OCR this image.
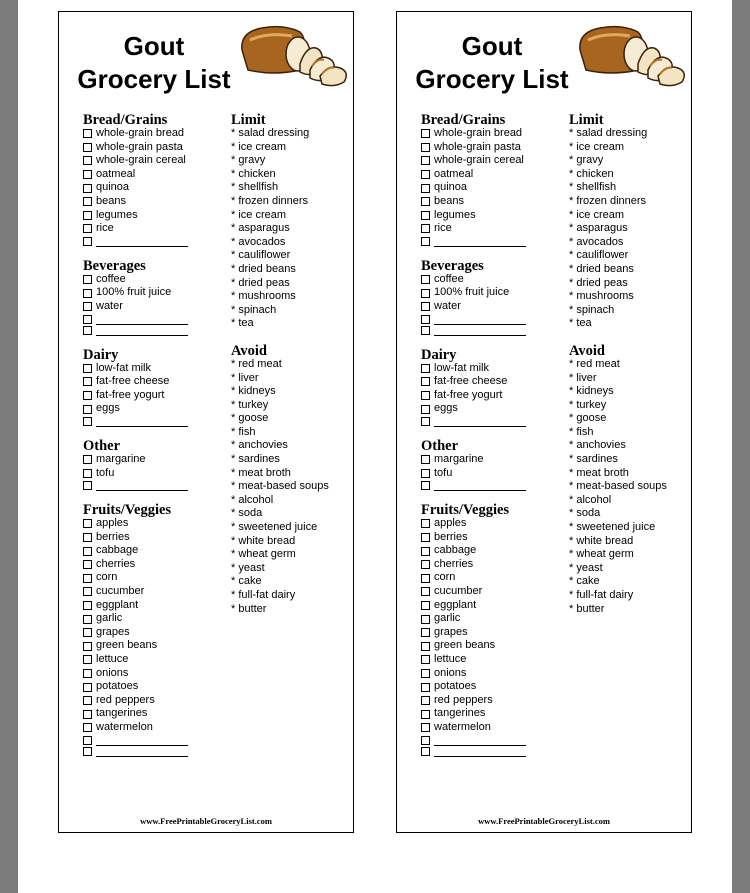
Gout
Grocery List
Bread/Grains
whole-grain bread
whole-grain pasta
whole-grain cereal
oatmeal
quinoa
beans
legumes
rice
Beverages
coffee
100% fruit juice
water
Dairy
low-fat milk
fat-free cheese
fat-free yogurt
eggs
Other
margarine
tofu
Fruits/Veggies
apples
berries
cabbage
cherries
corn
cucumber
eggplant
garlic
grapes
green beans
lettuce
onions
potatoes
red peppers
tangerines
watermelon
Limit
* salad dressing
* ice cream
* gravy
* chicken
* shellfish
* frozen dinners
* ice cream
* asparagus
* avocados
* cauliflower
* dried beans
* dried peas
* mushrooms
* spinach
* tea
Avoid
* red meat
* liver
* kidneys
* turkey
* goose
* fish
* anchovies
* sardines
* meat broth
* meat-based soups
* alcohol
* soda
* sweetened juice
* white bread
* wheat germ
* yeast
* cake
* full-fat dairy
* butter
www.FreePrintableGroceryList.com
Gout
Grocery List
Bread/Grains
whole-grain bread
whole-grain pasta
whole-grain cereal
oatmeal
quinoa
beans
legumes
rice
Beverages
coffee
100% fruit juice
water
Dairy
low-fat milk
fat-free cheese
fat-free yogurt
eggs
Other
margarine
tofu
Fruits/Veggies
apples
berries
cabbage
cherries
corn
cucumber
eggplant
garlic
grapes
green beans
lettuce
onions
potatoes
red peppers
tangerines
watermelon
Limit
* salad dressing
* ice cream
* gravy
* chicken
* shellfish
* frozen dinners
* ice cream
* asparagus
* avocados
* cauliflower
* dried beans
* dried peas
* mushrooms
* spinach
* tea
Avoid
* red meat
* liver
* kidneys
* turkey
* goose
* fish
* anchovies
* sardines
* meat broth
* meat-based soups
* alcohol
* soda
* sweetened juice
* white bread
* wheat germ
* yeast
* cake
* full-fat dairy
* butter
www.FreePrintableGroceryList.com
